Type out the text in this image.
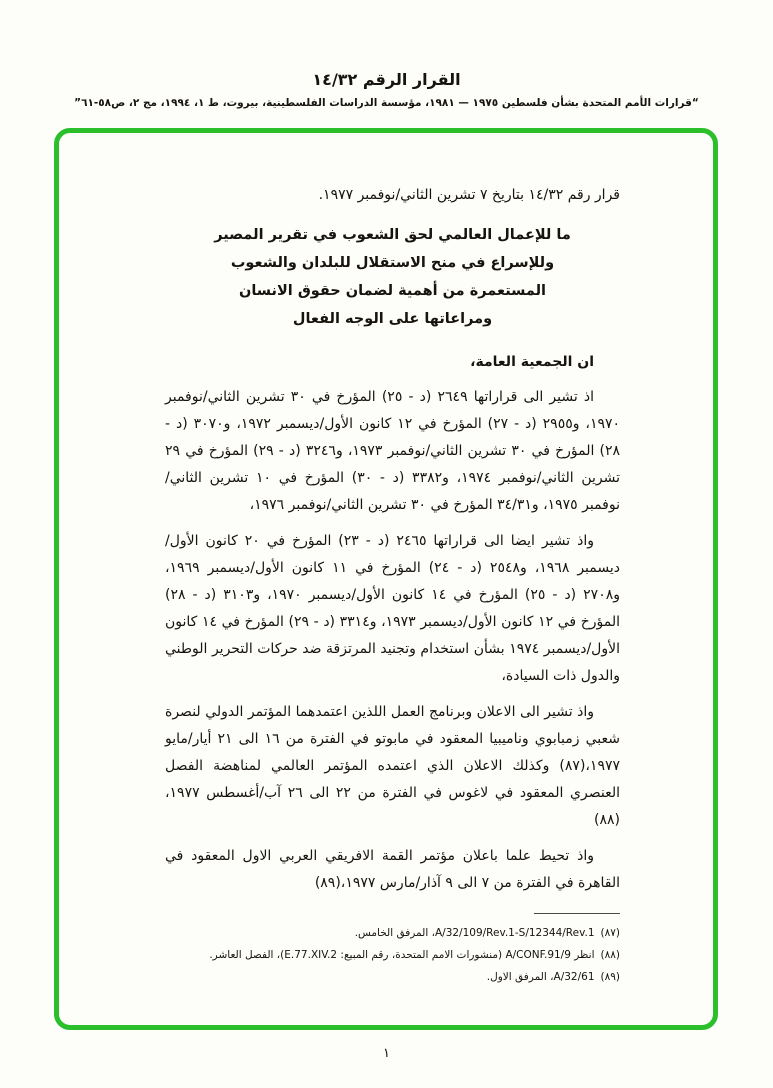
القرار الرقم ١٤/٣٢
“قرارات الأمم المتحدة بشأن فلسطين ١٩٧٥ — ١٩٨١، مؤسسة الدراسات الفلسطينية، بيروت، ط ١، ١٩٩٤، مج ٢، ص٥٨-٦١”

قرار رقم ١٤/٣٢ بتاريخ ٧ تشرين الثاني/نوفمبر ١٩٧٧.

ما للإعمال العالمي لحق الشعوب في تقرير المصير
وللإسراع في منح الاستقلال للبلدان والشعوب
المستعمرة من أهمية لضمان حقوق الانسان
ومراعاتها على الوجه الفعال

ان الجمعية العامة،

اذ تشير الى قراراتها ٢٦٤٩ (د - ٢٥) المؤرخ في ٣٠ تشرين الثاني/نوفمبر ١٩٧٠، و٢٩٥٥ (د - ٢٧) المؤرخ في ١٢ كانون الأول/ديسمبر ١٩٧٢، و٣٠٧٠ (د - ٢٨) المؤرخ في ٣٠ تشرين الثاني/نوفمبر ١٩٧٣، و٣٢٤٦ (د - ٢٩) المؤرخ في ٢٩ تشرين الثاني/نوفمبر ١٩٧٤، و٣٣٨٢ (د - ٣٠) المؤرخ في ١٠ تشرين الثاني/نوفمبر ١٩٧٥، و٣٤/٣١ المؤرخ في ٣٠ تشرين الثاني/نوفمبر ١٩٧٦،

واذ تشير ايضا الى قراراتها ٢٤٦٥ (د - ٢٣) المؤرخ في ٢٠ كانون الأول/ديسمبر ١٩٦٨، و٢٥٤٨ (د - ٢٤) المؤرخ في ١١ كانون الأول/ديسمبر ١٩٦٩، و٢٧٠٨ (د - ٢٥) المؤرخ في ١٤ كانون الأول/ديسمبر ١٩٧٠، و٣١٠٣ (د - ٢٨) المؤرخ في ١٢ كانون الأول/ديسمبر ١٩٧٣، و٣٣١٤ (د - ٢٩) المؤرخ في ١٤ كانون الأول/ديسمبر ١٩٧٤ بشأن استخدام وتجنيد المرتزقة ضد حركات التحرير الوطني والدول ذات السيادة،

واذ تشير الى الاعلان وبرنامج العمل اللذين اعتمدهما المؤتمر الدولي لنصرة شعبي زمبابوي وناميبيا المعقود في مابوتو في الفترة من ١٦ الى ٢١ أيار/مايو ١٩٧٧،(٨٧) وكذلك الاعلان الذي اعتمده المؤتمر العالمي لمناهضة الفصل العنصري المعقود في لاغوس في الفترة من ٢٢ الى ٢٦ آب/أغسطس ١٩٧٧،(٨٨)

واذ تحيط علما باعلان مؤتمر القمة الافريقي العربي الاول المعقود في القاهرة في الفترة من ٧ الى ٩ آذار/مارس ١٩٧٧،(٨٩)

(٨٧)
A/32/109/Rev.1-S/12344/Rev.1، المرفق الخامس.
(٨٨)
انظر A/CONF.91/9 (منشورات الامم المتحدة، رقم المبيع: E.77.XIV.2)، الفصل العاشر.
(٨٩)
A/32/61، المرفق الاول.
١
